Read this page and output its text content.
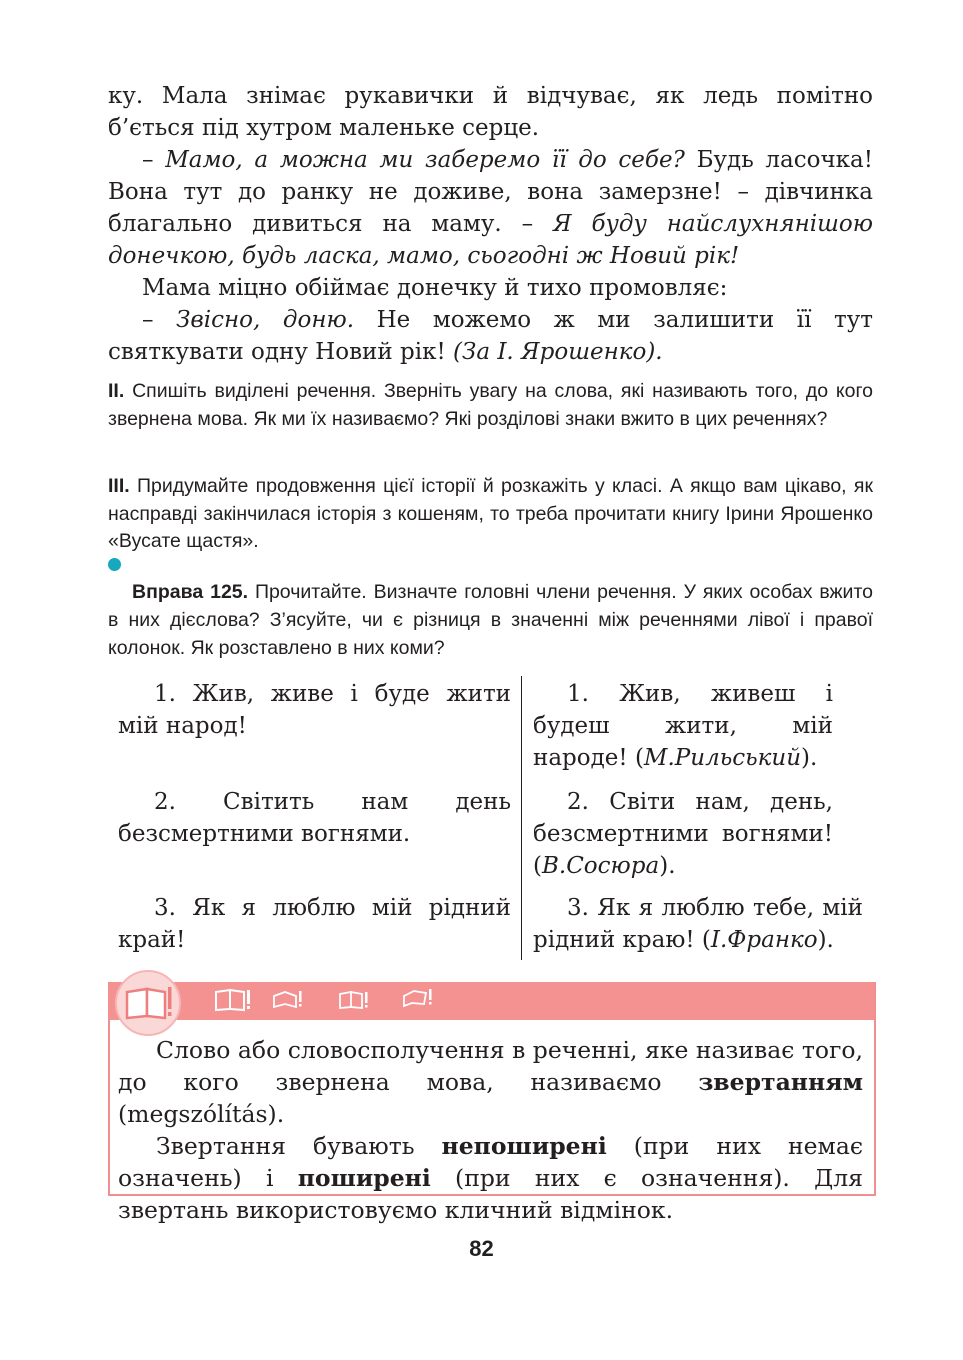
ку. Мала знімає рукавички й відчуває, як ледь помітно б’ється під хутром маленьке серце.

– Мамо, а можна ми заберемо її до себе? Будь ласочка! Вона тут до ранку не доживе, вона замерзне! – дівчинка благально дивиться на маму. – Я буду найслухнянішою донечкою, будь ласка, мамо, сьогодні ж Новий рік!

Мама міцно обіймає донечку й тихо промовляє:

– Звісно, доню. Не можемо ж ми залишити її тут святкувати одну Новий рік! (За І. Ярошенко).

ІІ. Спишіть виділені речення. Зверніть увагу на слова, які називають того, до кого звернена мова. Як ми їх називаємо? Які розділові знаки вжито в цих реченнях?
ІІІ. Придумайте продовження цієї історії й розкажіть у класі. А якщо вам цікаво, як насправді закінчилася історія з кошеням, то треба прочитати книгу Ірини Ярошенко «Вусате щастя».
Вправа 125. Прочитайте. Визначте головні члени речення. У яких особах вжито в них дієслова? З’ясуйте, чи є різниця в значенні між реченнями лівої і правої колонок. Як розставлено в них коми?

1. Жив, живе і буде жити мій народ!

2. Світить нам день безсмертними вогнями.

3. Як я люблю мій рідний край!

1. Жив, живеш і будеш жити, мій народе! (М.Рильський).

2. Світи нам, день, безсмертними вогнями! (В.Сосюра).

3. Як я люблю тебе, мій рідний краю! (І.Франко).

Слово або словосполучення в реченні, яке називає того, до кого звернена мова, називаємо звертанням (megszólítás).

Звертання бувають непоширені (при них немає означень) і поширені (при них є означення). Для звертань використовуємо кличний відмінок.

82
